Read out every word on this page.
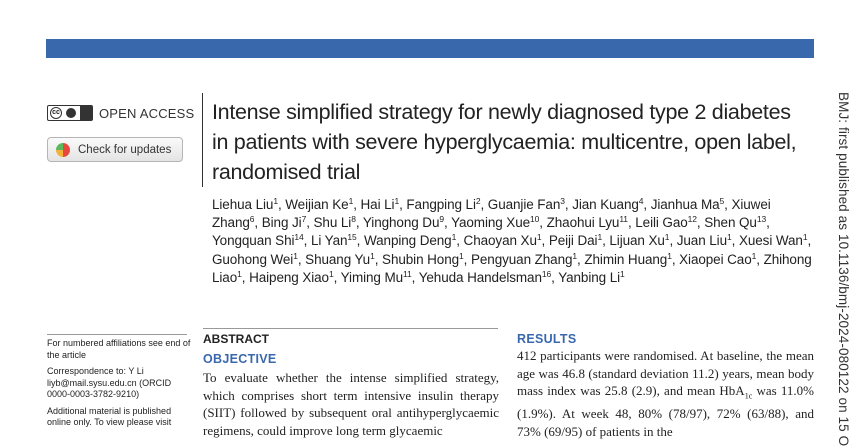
RESEARCH
cc	OPEN ACCESS
Check for updates
Intense simplified strategy for newly diagnosed type 2 diabetes in patients with severe hyperglycaemia: multicentre, open label, randomised trial
Liehua Liu$^1$, Weijian Ke$^1$, Hai Li$^1$, Fangping Li$^2$, Guanjie Fan$^3$, Jian Kuang$^4$, Jianhua Ma$^5$, Xiuwei Zhang$^6$, Bing Ji$^7$, Shu Li$^8$, Yinghong Du$^9$, Yaoming Xue$^{10}$, Zhaohui Lyu$^{11}$, Leili Gao$^{12}$, Shen Qu$^{13}$, Yongquan Shi$^{14}$, Li Yan$^{15}$, Wanping Deng$^1$, Chaoyan Xu$^1$, Peiji Dai$^1$, Lijuan Xu$^1$, Juan Liu$^1$, Xuesi Wan$^1$, Guohong Wei$^1$, Shuang Yu$^1$, Shubin Hong$^1$, Pengyuan Zhang$^1$, Zhimin Huang$^1$, Xiaopei Cao$^1$, Zhihong Liao$^1$, Haipeng Xiao$^1$, Yiming Mu$^{11}$, Yehuda Handelsman$^{16}$, Yanbing Li$^1$

For numbered affiliations see end of the article

Correspondence to: Y Li liyb@mail.sysu.edu.cn (ORCID 0000-0003-3782-9210)

Additional material is published online only. To view please visit

ABSTRACT
OBJECTIVE
To evaluate whether the intense simplified strategy, which comprises short term intensive insulin therapy (SIIT) followed by subsequent oral antihyperglycaemic regimens, could improve long term glycaemic
RESULTS
412 participants were randomised. At baseline, the mean age was 46.8 (standard deviation 11.2) years, mean body mass index was 25.8 (2.9), and mean HbA$_{1c}$ was 11.0% (1.9%). At week 48, 80% (78/97), 72% (63/88), and 73% (69/95) of patients in the	BMJ: first published as 10.1136/bmj-2024-080122 on 15 O
